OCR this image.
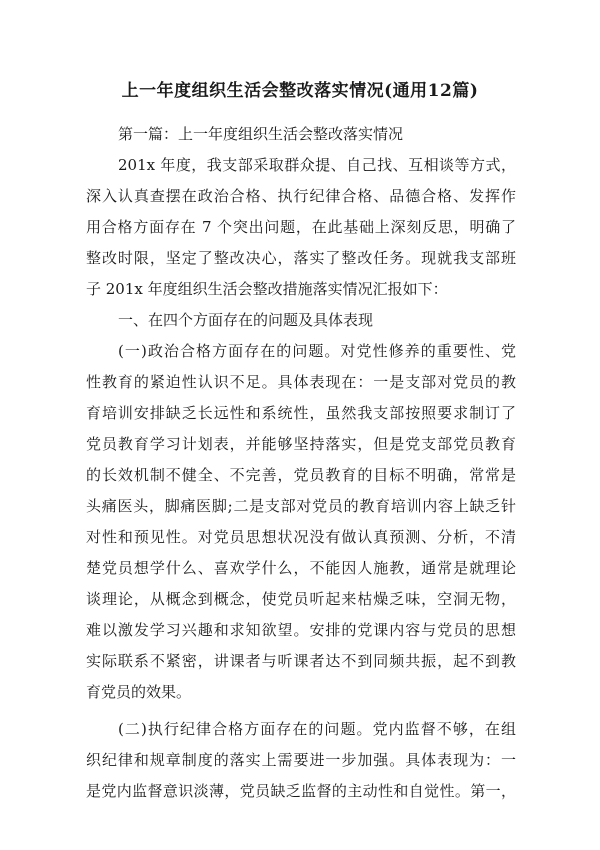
上一年度组织生活会整改落实情况(通用12篇)
第一篇：上一年度组织生活会整改落实情况
201x 年度，我支部采取群众提、自己找、互相谈等方式，
深入认真查摆在政治合格、执行纪律合格、品德合格、发挥作
用合格方面存在 7 个突出问题，在此基础上深刻反思，明确了
整改时限，坚定了整改决心，落实了整改任务。现就我支部班
子 201x 年度组织生活会整改措施落实情况汇报如下：
一、在四个方面存在的问题及具体表现
(一)政治合格方面存在的问题。对党性修养的重要性、党
性教育的紧迫性认识不足。具体表现在：一是支部对党员的教
育培训安排缺乏长远性和系统性，虽然我支部按照要求制订了
党员教育学习计划表，并能够坚持落实，但是党支部党员教育
的长效机制不健全、不完善，党员教育的目标不明确，常常是
头痛医头，脚痛医脚;二是支部对党员的教育培训内容上缺乏针
对性和预见性。对党员思想状况没有做认真预测、分析，不清
楚党员想学什么、喜欢学什么，不能因人施教，通常是就理论
谈理论，从概念到概念，使党员听起来枯燥乏味，空洞无物，
难以激发学习兴趣和求知欲望。安排的党课内容与党员的思想
实际联系不紧密，讲课者与听课者达不到同频共振，起不到教
育党员的效果。
(二)执行纪律合格方面存在的问题。党内监督不够，在组
织纪律和规章制度的落实上需要进一步加强。具体表现为：一
是党内监督意识淡薄，党员缺乏监督的主动性和自觉性。第一，
